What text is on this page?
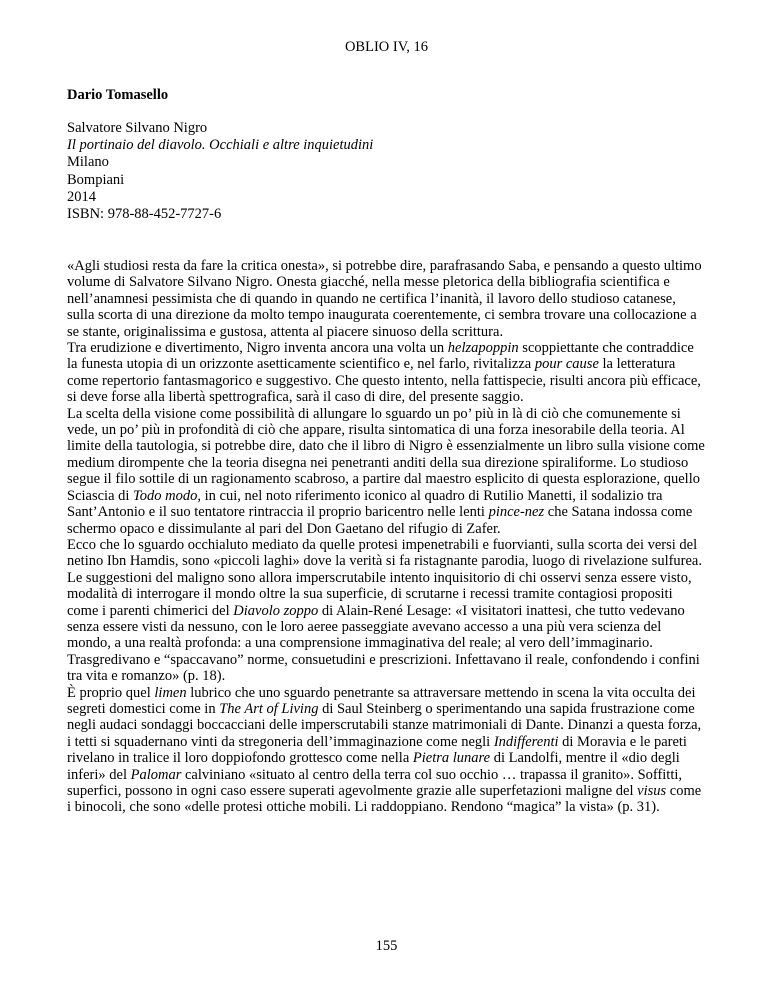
OBLIO IV, 16
Dario Tomasello
Salvatore Silvano Nigro
Il portinaio del diavolo. Occhiali e altre inquietudini
Milano
Bompiani
2014
ISBN: 978-88-452-7727-6

«Agli studiosi resta da fare la critica onesta», si potrebbe dire, parafrasando Saba, e pensando a questo ultimo volume di Salvatore Silvano Nigro. Onesta giacché, nella messe pletorica della bibliografia scientifica e nell’anamnesi pessimista che di quando in quando ne certifica l’inanità, il lavoro dello studioso catanese, sulla scorta di una direzione da molto tempo inaugurata coerentemente, ci sembra trovare una collocazione a se stante, originalissima e gustosa, attenta al piacere sinuoso della scrittura.

Tra erudizione e divertimento, Nigro inventa ancora una volta un helzapoppin scoppiettante che contraddice la funesta utopia di un orizzonte asetticamente scientifico e, nel farlo, rivitalizza pour cause la letteratura come repertorio fantasmagorico e suggestivo. Che questo intento, nella fattispecie, risulti ancora più efficace, si deve forse alla libertà spettrografica, sarà il caso di dire, del presente saggio.

La scelta della visione come possibilità di allungare lo sguardo un po’ più in là di ciò che comunemente si vede, un po’ più in profondità di ciò che appare, risulta sintomatica di una forza inesorabile della teoria. Al limite della tautologia, si potrebbe dire, dato che il libro di Nigro è essenzialmente un libro sulla visione come medium dirompente che la teoria disegna nei penetranti anditi della sua direzione spiraliforme. Lo studioso segue il filo sottile di un ragionamento scabroso, a partire dal maestro esplicito di questa esplorazione, quello Sciascia di Todo modo, in cui, nel noto riferimento iconico al quadro di Rutilio Manetti, il sodalizio tra Sant’Antonio e il suo tentatore rintraccia il proprio baricentro nelle lenti pince-nez che Satana indossa come schermo opaco e dissimulante al pari del Don Gaetano del rifugio di Zafer.

Ecco che lo sguardo occhialuto mediato da quelle protesi impenetrabili e fuorvianti, sulla scorta dei versi del netino Ibn Hamdis, sono «piccoli laghi» dove la verità si fa ristagnante parodia, luogo di rivelazione sulfurea. Le suggestioni del maligno sono allora imperscrutabile intento inquisitorio di chi osservi senza essere visto, modalità di interrogare il mondo oltre la sua superficie, di scrutarne i recessi tramite contagiosi propositi come i parenti chimerici del Diavolo zoppo di Alain-René Lesage: «I visitatori inattesi, che tutto vedevano senza essere visti da nessuno, con le loro aeree passeggiate avevano accesso a una più vera scienza del mondo, a una realtà profonda: a una comprensione immaginativa del reale; al vero dell’immaginario. Trasgredivano e “spaccavano” norme, consuetudini e prescrizioni. Infettavano il reale, confondendo i confini tra vita e romanzo» (p. 18).

È proprio quel limen lubrico che uno sguardo penetrante sa attraversare mettendo in scena la vita occulta dei segreti domestici come in The Art of Living di Saul Steinberg o sperimentando una sapida frustrazione come negli audaci sondaggi boccacciani delle imperscrutabili stanze matrimoniali di Dante. Dinanzi a questa forza, i tetti si squadernano vinti da stregoneria dell’immaginazione come negli Indifferenti di Moravia e le pareti rivelano in tralice il loro doppiofondo grottesco come nella Pietra lunare di Landolfi, mentre il «dio degli inferi» del Palomar calviniano «situato al centro della terra col suo occhio … trapassa il granito». Soffitti, superfici, possono in ogni caso essere superati agevolmente grazie alle superfetazioni maligne del visus come i binocoli, che sono «delle protesi ottiche mobili. Li raddoppiano. Rendono “magica” la vista» (p. 31).

155
